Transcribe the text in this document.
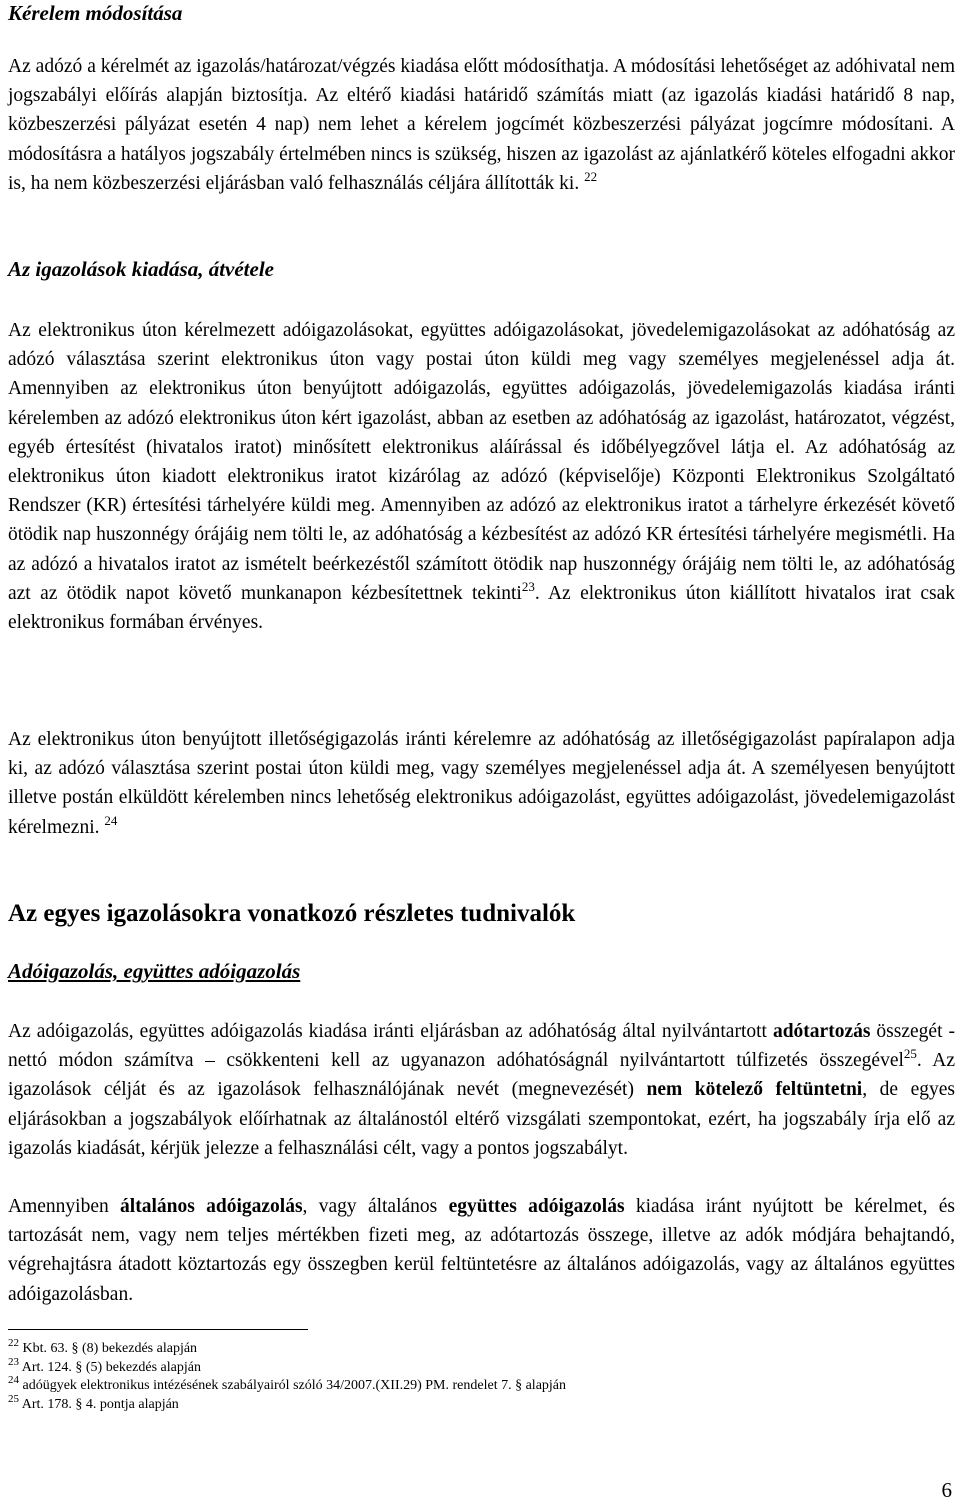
Kérelem módosítása

Az adózó a kérelmét az igazolás/határozat/végzés kiadása előtt módosíthatja. A módosítási lehetőséget az adóhivatal nem jogszabályi előírás alapján biztosítja. Az eltérő kiadási határidő számítás miatt (az igazolás kiadási határidő 8 nap, közbeszerzési pályázat esetén 4 nap) nem lehet a kérelem jogcímét közbeszerzési pályázat jogcímre módosítani. A módosításra a hatályos jogszabály értelmében nincs is szükség, hiszen az igazolást az ajánlatkérő köteles elfogadni akkor is, ha nem közbeszerzési eljárásban való felhasználás céljára állították ki. $^{22}$

Az igazolások kiadása, átvétele

Az elektronikus úton kérelmezett adóigazolásokat, együttes adóigazolásokat, jövedelemigazolásokat az adóhatóság az adózó választása szerint elektronikus úton vagy postai úton küldi meg vagy személyes megjelenéssel adja át. Amennyiben az elektronikus úton benyújtott adóigazolás, együttes adóigazolás, jövedelemigazolás kiadása iránti kérelemben az adózó elektronikus úton kért igazolást, abban az esetben az adóhatóság az igazolást, határozatot, végzést, egyéb értesítést (hivatalos iratot) minősített elektronikus aláírással és időbélyegzővel látja el. Az adóhatóság az elektronikus úton kiadott elektronikus iratot kizárólag az adózó (képviselője) Központi Elektronikus Szolgáltató Rendszer (KR) értesítési tárhelyére küldi meg. Amennyiben az adózó az elektronikus iratot a tárhelyre érkezését követő ötödik nap huszonnégy órájáig nem tölti le, az adóhatóság a kézbesítést az adózó KR értesítési tárhelyére megismétli. Ha az adózó a hivatalos iratot az ismételt beérkezéstől számított ötödik nap huszonnégy órájáig nem tölti le, az adóhatóság azt az ötödik napot követő munkanapon kézbesítettnek tekinti$^{23}$. Az elektronikus úton kiállított hivatalos irat csak elektronikus formában érvényes.

Az elektronikus úton benyújtott illetőségigazolás iránti kérelemre az adóhatóság az illetőségigazolást papíralapon adja ki, az adózó választása szerint postai úton küldi meg, vagy személyes megjelenéssel adja át. A személyesen benyújtott illetve postán elküldött kérelemben nincs lehetőség elektronikus adóigazolást, együttes adóigazolást, jövedelemigazolást kérelmezni. $^{24}$

Az egyes igazolásokra vonatkozó részletes tudnivalók
Adóigazolás, együttes adóigazolás

Az adóigazolás, együttes adóigazolás kiadása iránti eljárásban az adóhatóság által nyilvántartott adótartozás összegét - nettó módon számítva – csökkenteni kell az ugyanazon adóhatóságnál nyilvántartott túlfizetés összegével$^{25}$. Az igazolások célját és az igazolások felhasználójának nevét (megnevezését) nem kötelező feltüntetni, de egyes eljárásokban a jogszabályok előírhatnak az általánostól eltérő vizsgálati szempontokat, ezért, ha jogszabály írja elő az igazolás kiadását, kérjük jelezze a felhasználási célt, vagy a pontos jogszabályt.

Amennyiben általános adóigazolás, vagy általános együttes adóigazolás kiadása iránt nyújtott be kérelmet, és tartozását nem, vagy nem teljes mértékben fizeti meg, az adótartozás összege, illetve az adók módjára behajtandó, végrehajtásra átadott köztartozás egy összegben kerül feltüntetésre az általános adóigazolás, vagy az általános együttes adóigazolásban.

$^{22}$ Kbt. 63. § (8) bekezdés alapján

$^{23}$ Art. 124. § (5) bekezdés alapján

$^{24}$ adóügyek elektronikus intézésének szabályairól szóló 34/2007.(XII.29) PM. rendelet 7. § alapján

$^{25}$ Art. 178. § 4. pontja alapján

6
